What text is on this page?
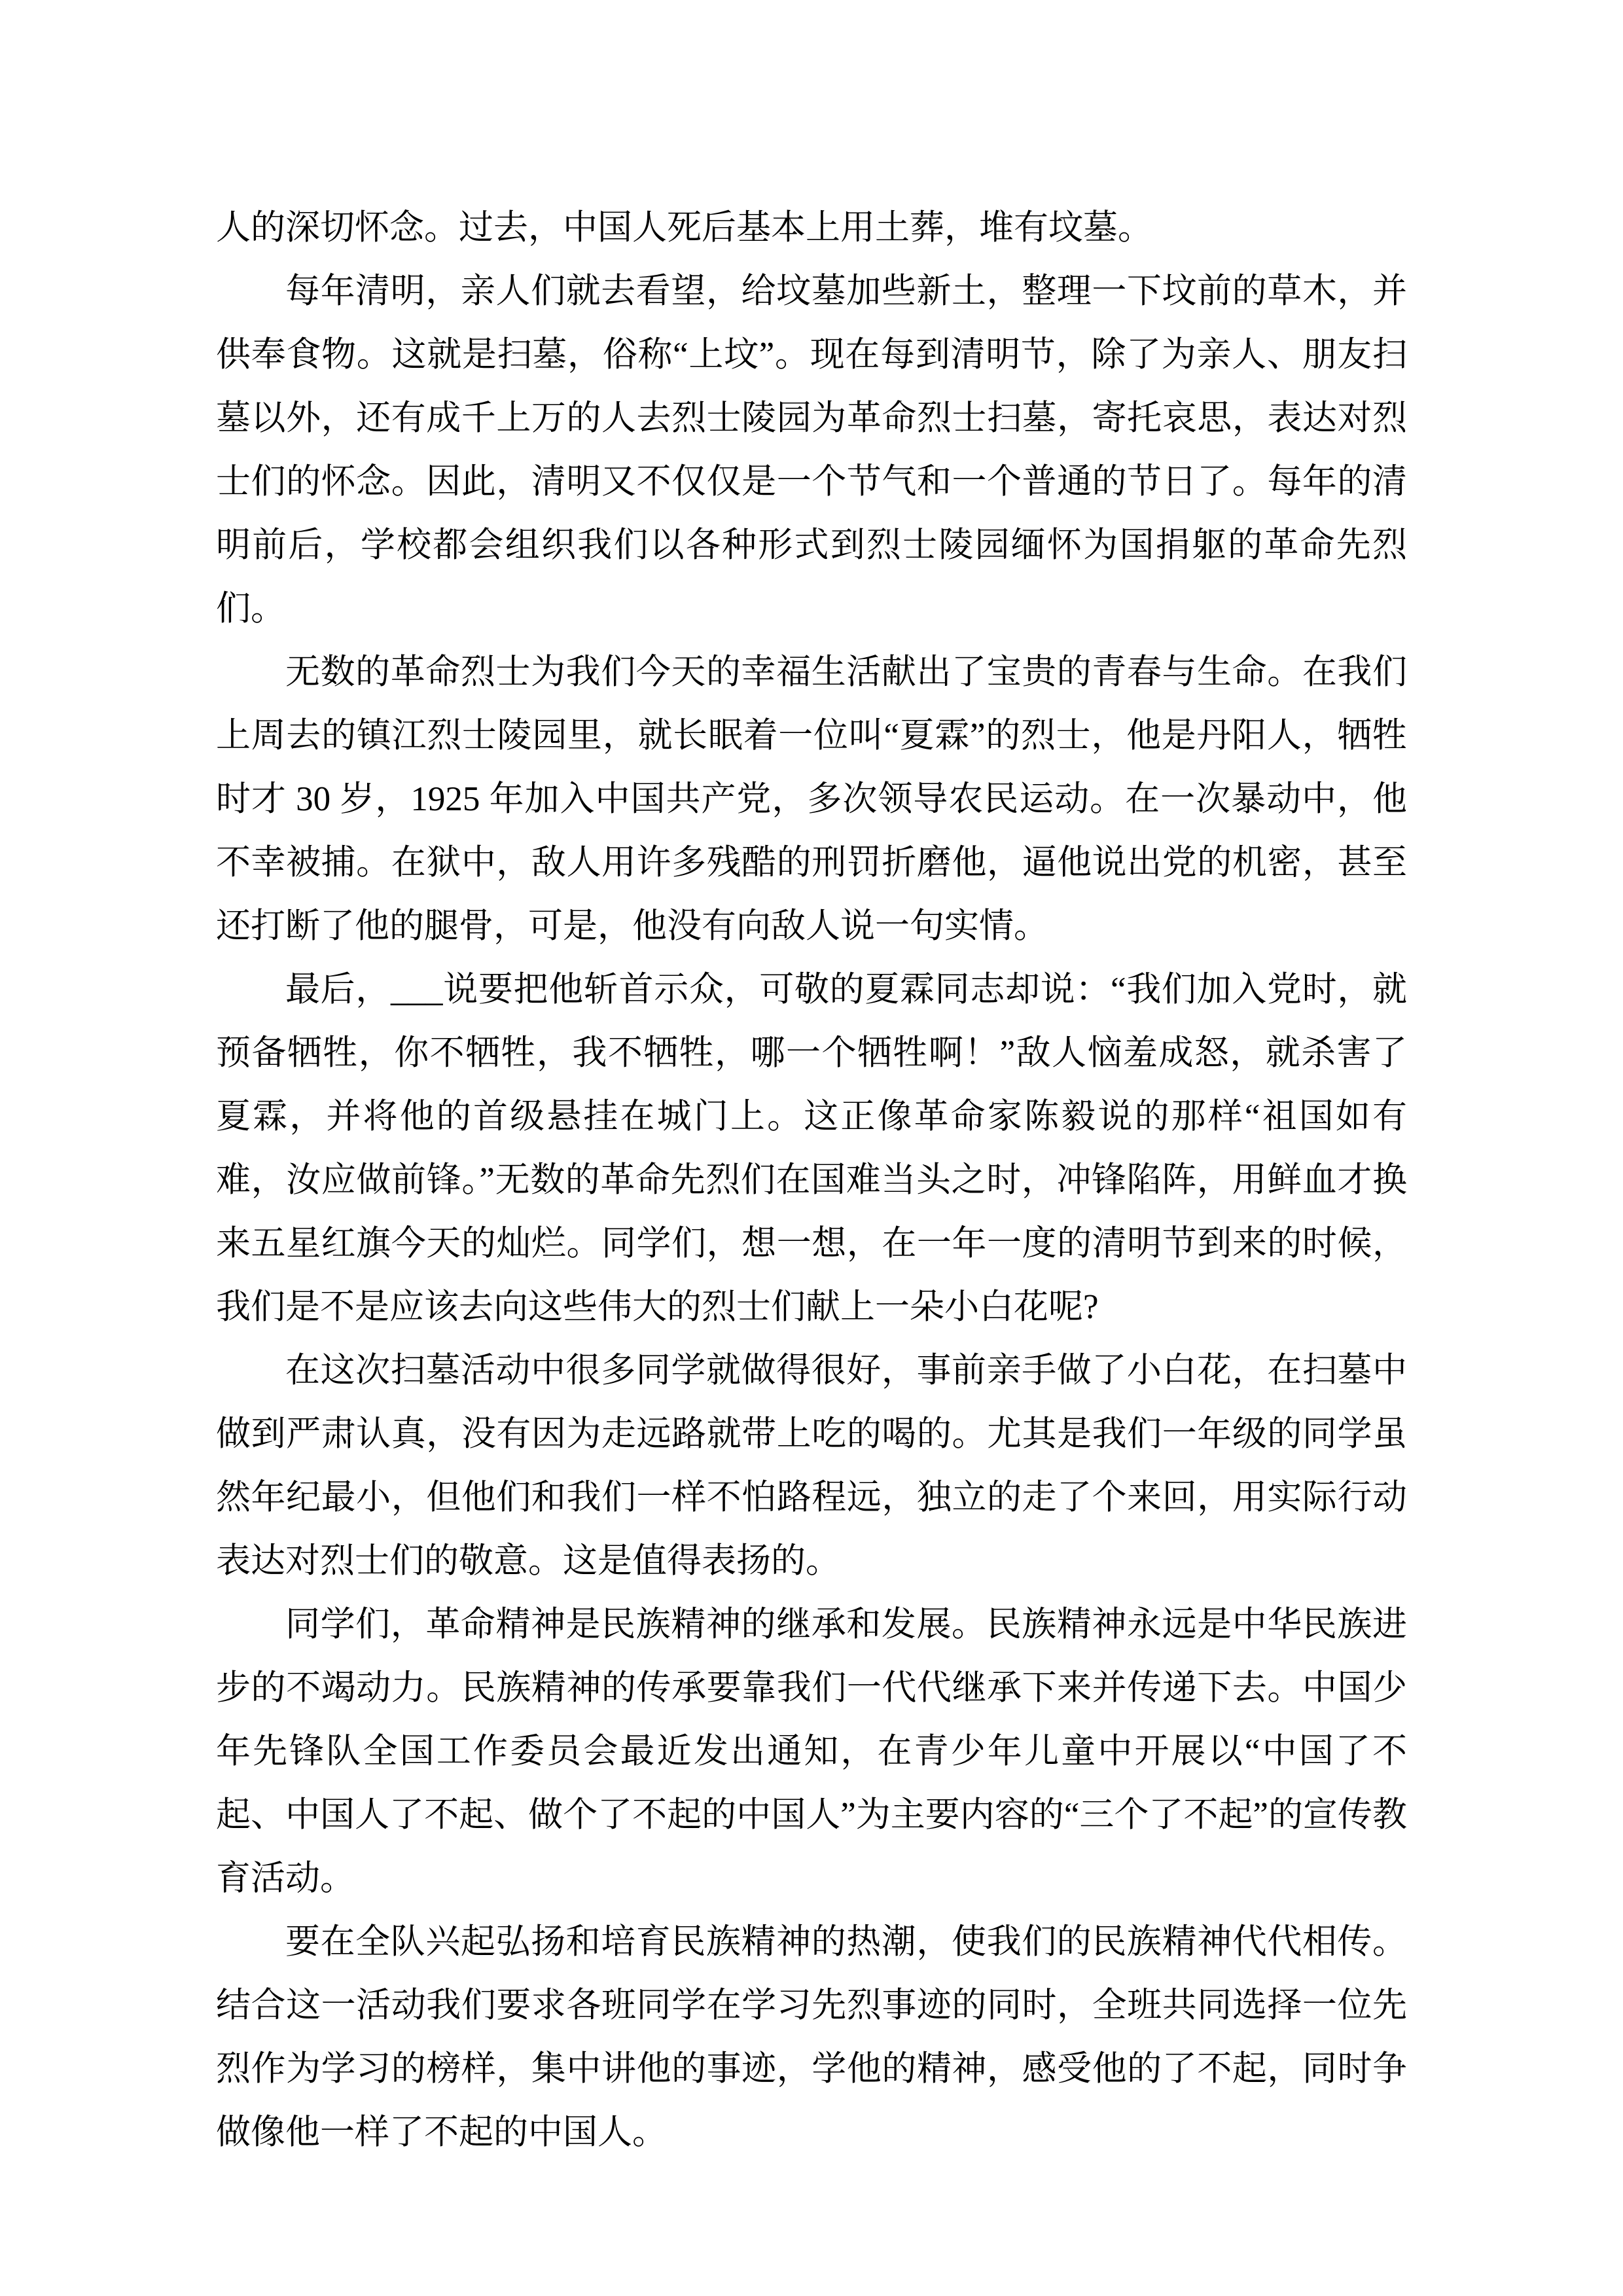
人的深切怀念。过去，中国人死后基本上用土葬，堆有坟墓。

每年清明，亲人们就去看望，给坟墓加些新土，整理一下坟前的草木，并供奉食物。这就是扫墓，俗称“上坟”。现在每到清明节，除了为亲人、朋友扫墓以外，还有成千上万的人去烈士陵园为革命烈士扫墓，寄托哀思，表达对烈士们的怀念。因此，清明又不仅仅是一个节气和一个普通的节日了。每年的清明前后，学校都会组织我们以各种形式到烈士陵园缅怀为国捐躯的革命先烈们。

无数的革命烈士为我们今天的幸福生活献出了宝贵的青春与生命。在我们上周去的镇江烈士陵园里，就长眠着一位叫“夏霖”的烈士，他是丹阳人，牺牲时才 30 岁，1925 年加入中国共产党，多次领导农民运动。在一次暴动中，他不幸被捕。在狱中，敌人用许多残酷的刑罚折磨他，逼他说出党的机密，甚至还打断了他的腿骨，可是，他没有向敌人说一句实情。

最后，___说要把他斩首示众，可敬的夏霖同志却说：“我们加入党时，就预备牺牲，你不牺牲，我不牺牲，哪一个牺牲啊！”敌人恼羞成怒，就杀害了夏霖，并将他的首级悬挂在城门上。这正像革命家陈毅说的那样“祖国如有难，汝应做前锋。”无数的革命先烈们在国难当头之时，冲锋陷阵，用鲜血才换来五星红旗今天的灿烂。同学们，想一想，在一年一度的清明节到来的时候，我们是不是应该去向这些伟大的烈士们献上一朵小白花呢?

在这次扫墓活动中很多同学就做得很好，事前亲手做了小白花，在扫墓中做到严肃认真，没有因为走远路就带上吃的喝的。尤其是我们一年级的同学虽然年纪最小，但他们和我们一样不怕路程远，独立的走了个来回，用实际行动表达对烈士们的敬意。这是值得表扬的。

同学们，革命精神是民族精神的继承和发展。民族精神永远是中华民族进步的不竭动力。民族精神的传承要靠我们一代代继承下来并传递下去。中国少年先锋队全国工作委员会最近发出通知，在青少年儿童中开展以“中国了不起、中国人了不起、做个了不起的中国人”为主要内容的“三个了不起”的宣传教育活动。

要在全队兴起弘扬和培育民族精神的热潮，使我们的民族精神代代相传。结合这一活动我们要求各班同学在学习先烈事迹的同时，全班共同选择一位先烈作为学习的榜样，集中讲他的事迹，学他的精神，感受他的了不起，同时争做像他一样了不起的中国人。
